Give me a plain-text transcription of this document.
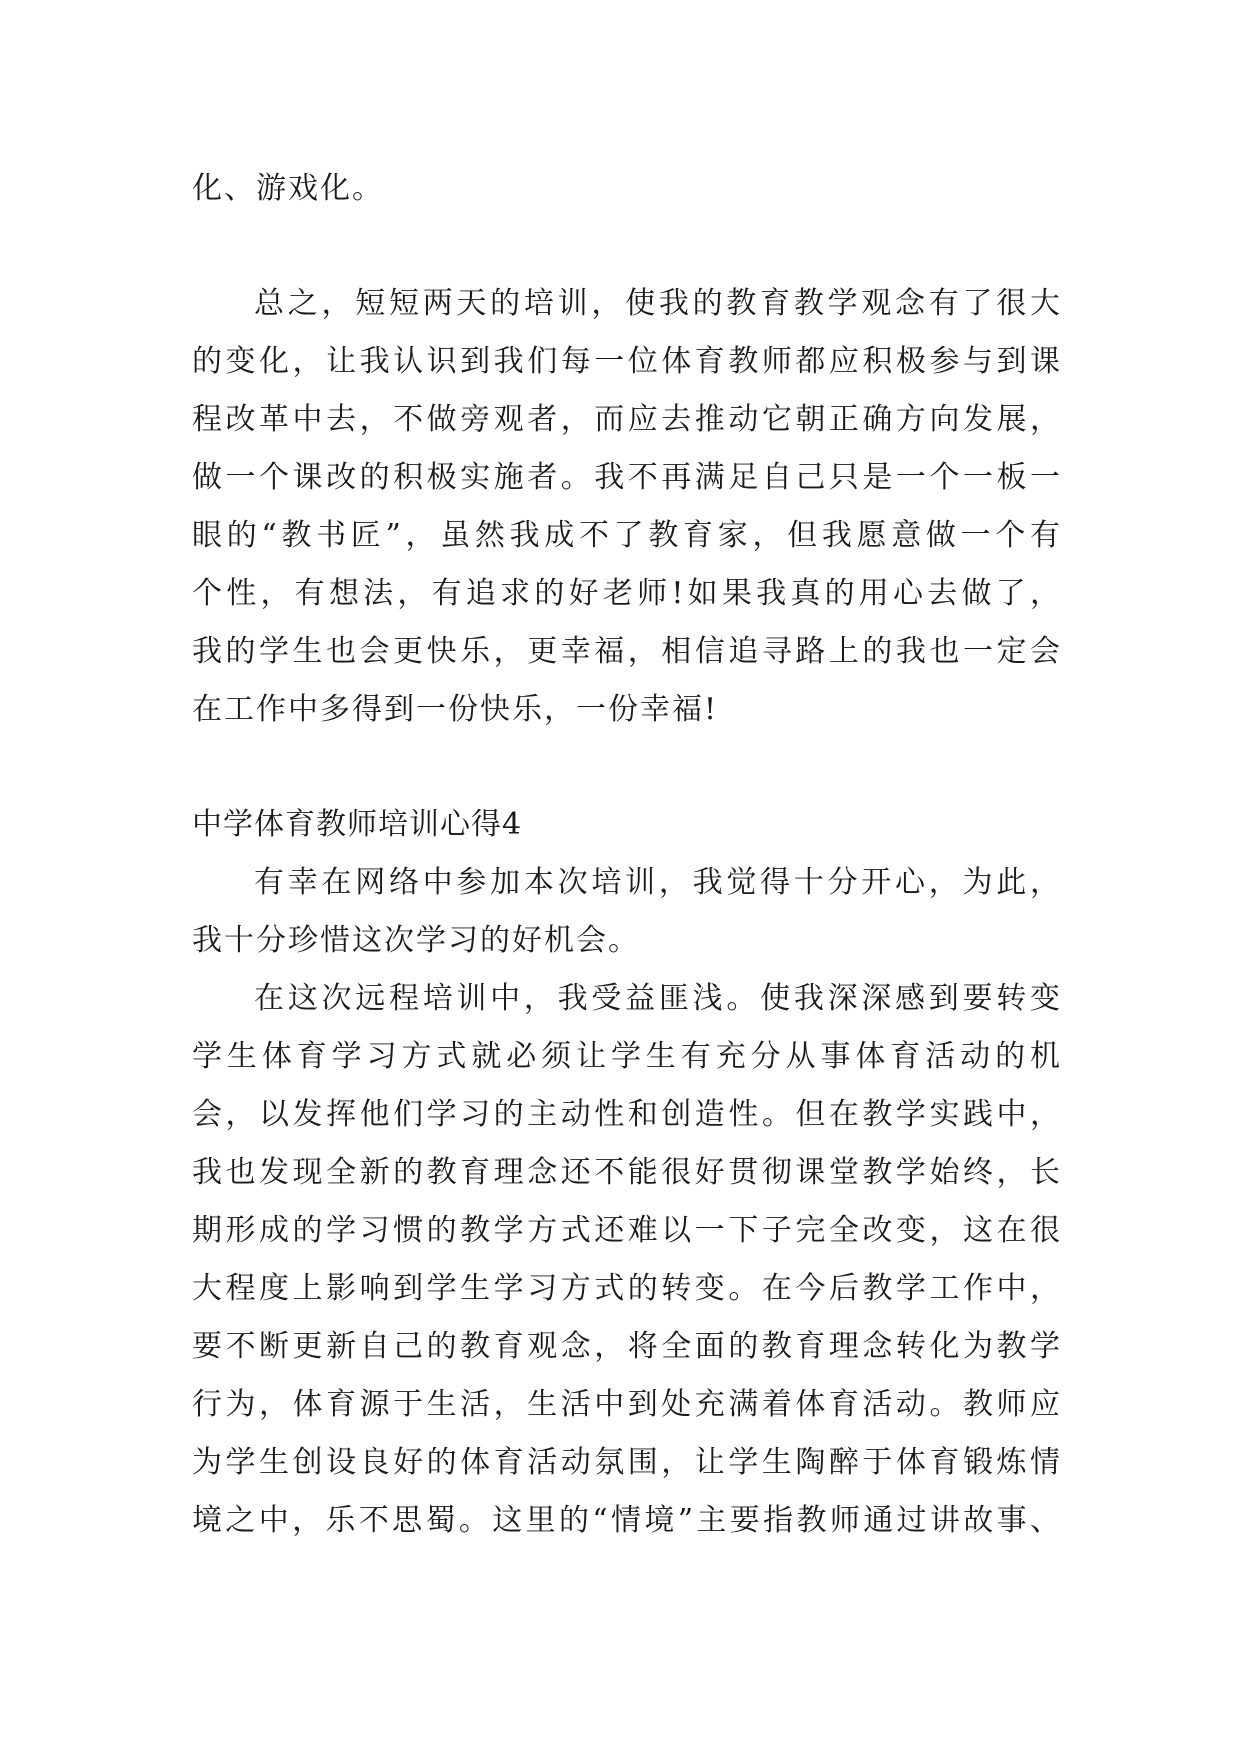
化、游戏化。
总之，短短两天的培训，使我的教育教学观念有了很大
的变化，让我认识到我们每一位体育教师都应积极参与到课
程改革中去，不做旁观者，而应去推动它朝正确方向发展，
做一个课改的积极实施者。我不再满足自己只是一个一板一
眼的“教书匠”，虽然我成不了教育家，但我愿意做一个有
个性，有想法，有追求的好老师!如果我真的用心去做了，
我的学生也会更快乐，更幸福，相信追寻路上的我也一定会
在工作中多得到一份快乐，一份幸福!
中学体育教师培训心得4
有幸在网络中参加本次培训，我觉得十分开心，为此，
我十分珍惜这次学习的好机会。
在这次远程培训中，我受益匪浅。使我深深感到要转变
学生体育学习方式就必须让学生有充分从事体育活动的机
会，以发挥他们学习的主动性和创造性。但在教学实践中，
我也发现全新的教育理念还不能很好贯彻课堂教学始终，长
期形成的学习惯的教学方式还难以一下子完全改变，这在很
大程度上影响到学生学习方式的转变。在今后教学工作中，
要不断更新自己的教育观念，将全面的教育理念转化为教学
行为，体育源于生活，生活中到处充满着体育活动。教师应
为学生创设良好的体育活动氛围，让学生陶醉于体育锻炼情
境之中，乐不思蜀。这里的“情境”主要指教师通过讲故事、
